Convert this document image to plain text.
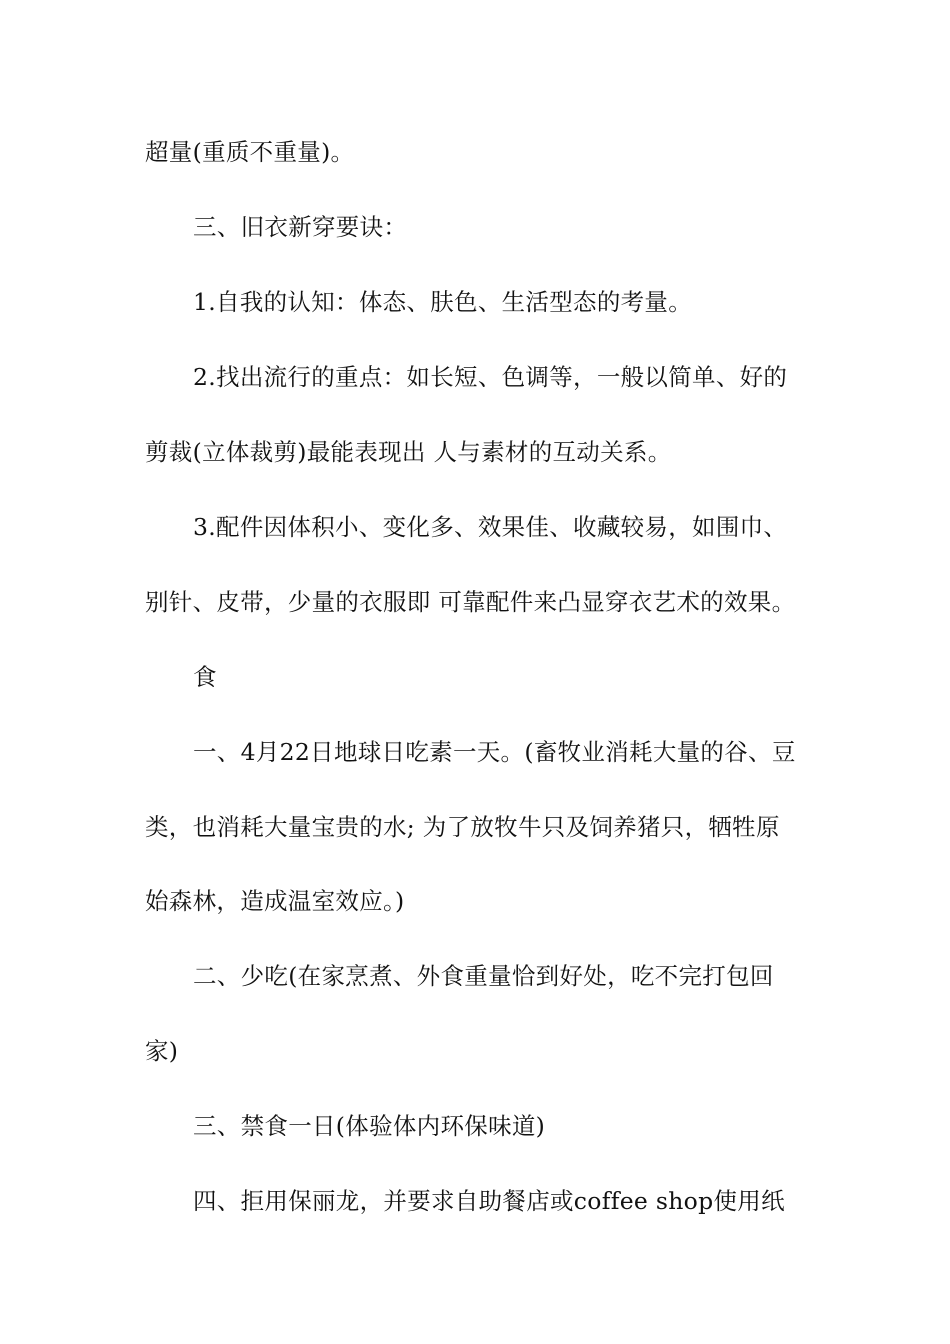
超量(重质不重量)。
三、旧衣新穿要诀：
1.自我的认知：体态、肤色、生活型态的考量。
2.找出流行的重点：如长短、色调等，一般以简单、好的
剪裁(立体裁剪)最能表现出 人与素材的互动关系。
3.配件因体积小、变化多、效果佳、收藏较易，如围巾、
别针、皮带，少量的衣服即 可靠配件来凸显穿衣艺术的效果。
食
一、4月22日地球日吃素一天。(畜牧业消耗大量的谷、豆
类，也消耗大量宝贵的水; 为了放牧牛只及饲养猪只，牺牲原
始森林，造成温室效应。)
二、少吃(在家烹煮、外食重量恰到好处，吃不完打包回
家)
三、禁食一日(体验体内环保味道)
四、拒用保丽龙，并要求自助餐店或coffee shop使用纸
